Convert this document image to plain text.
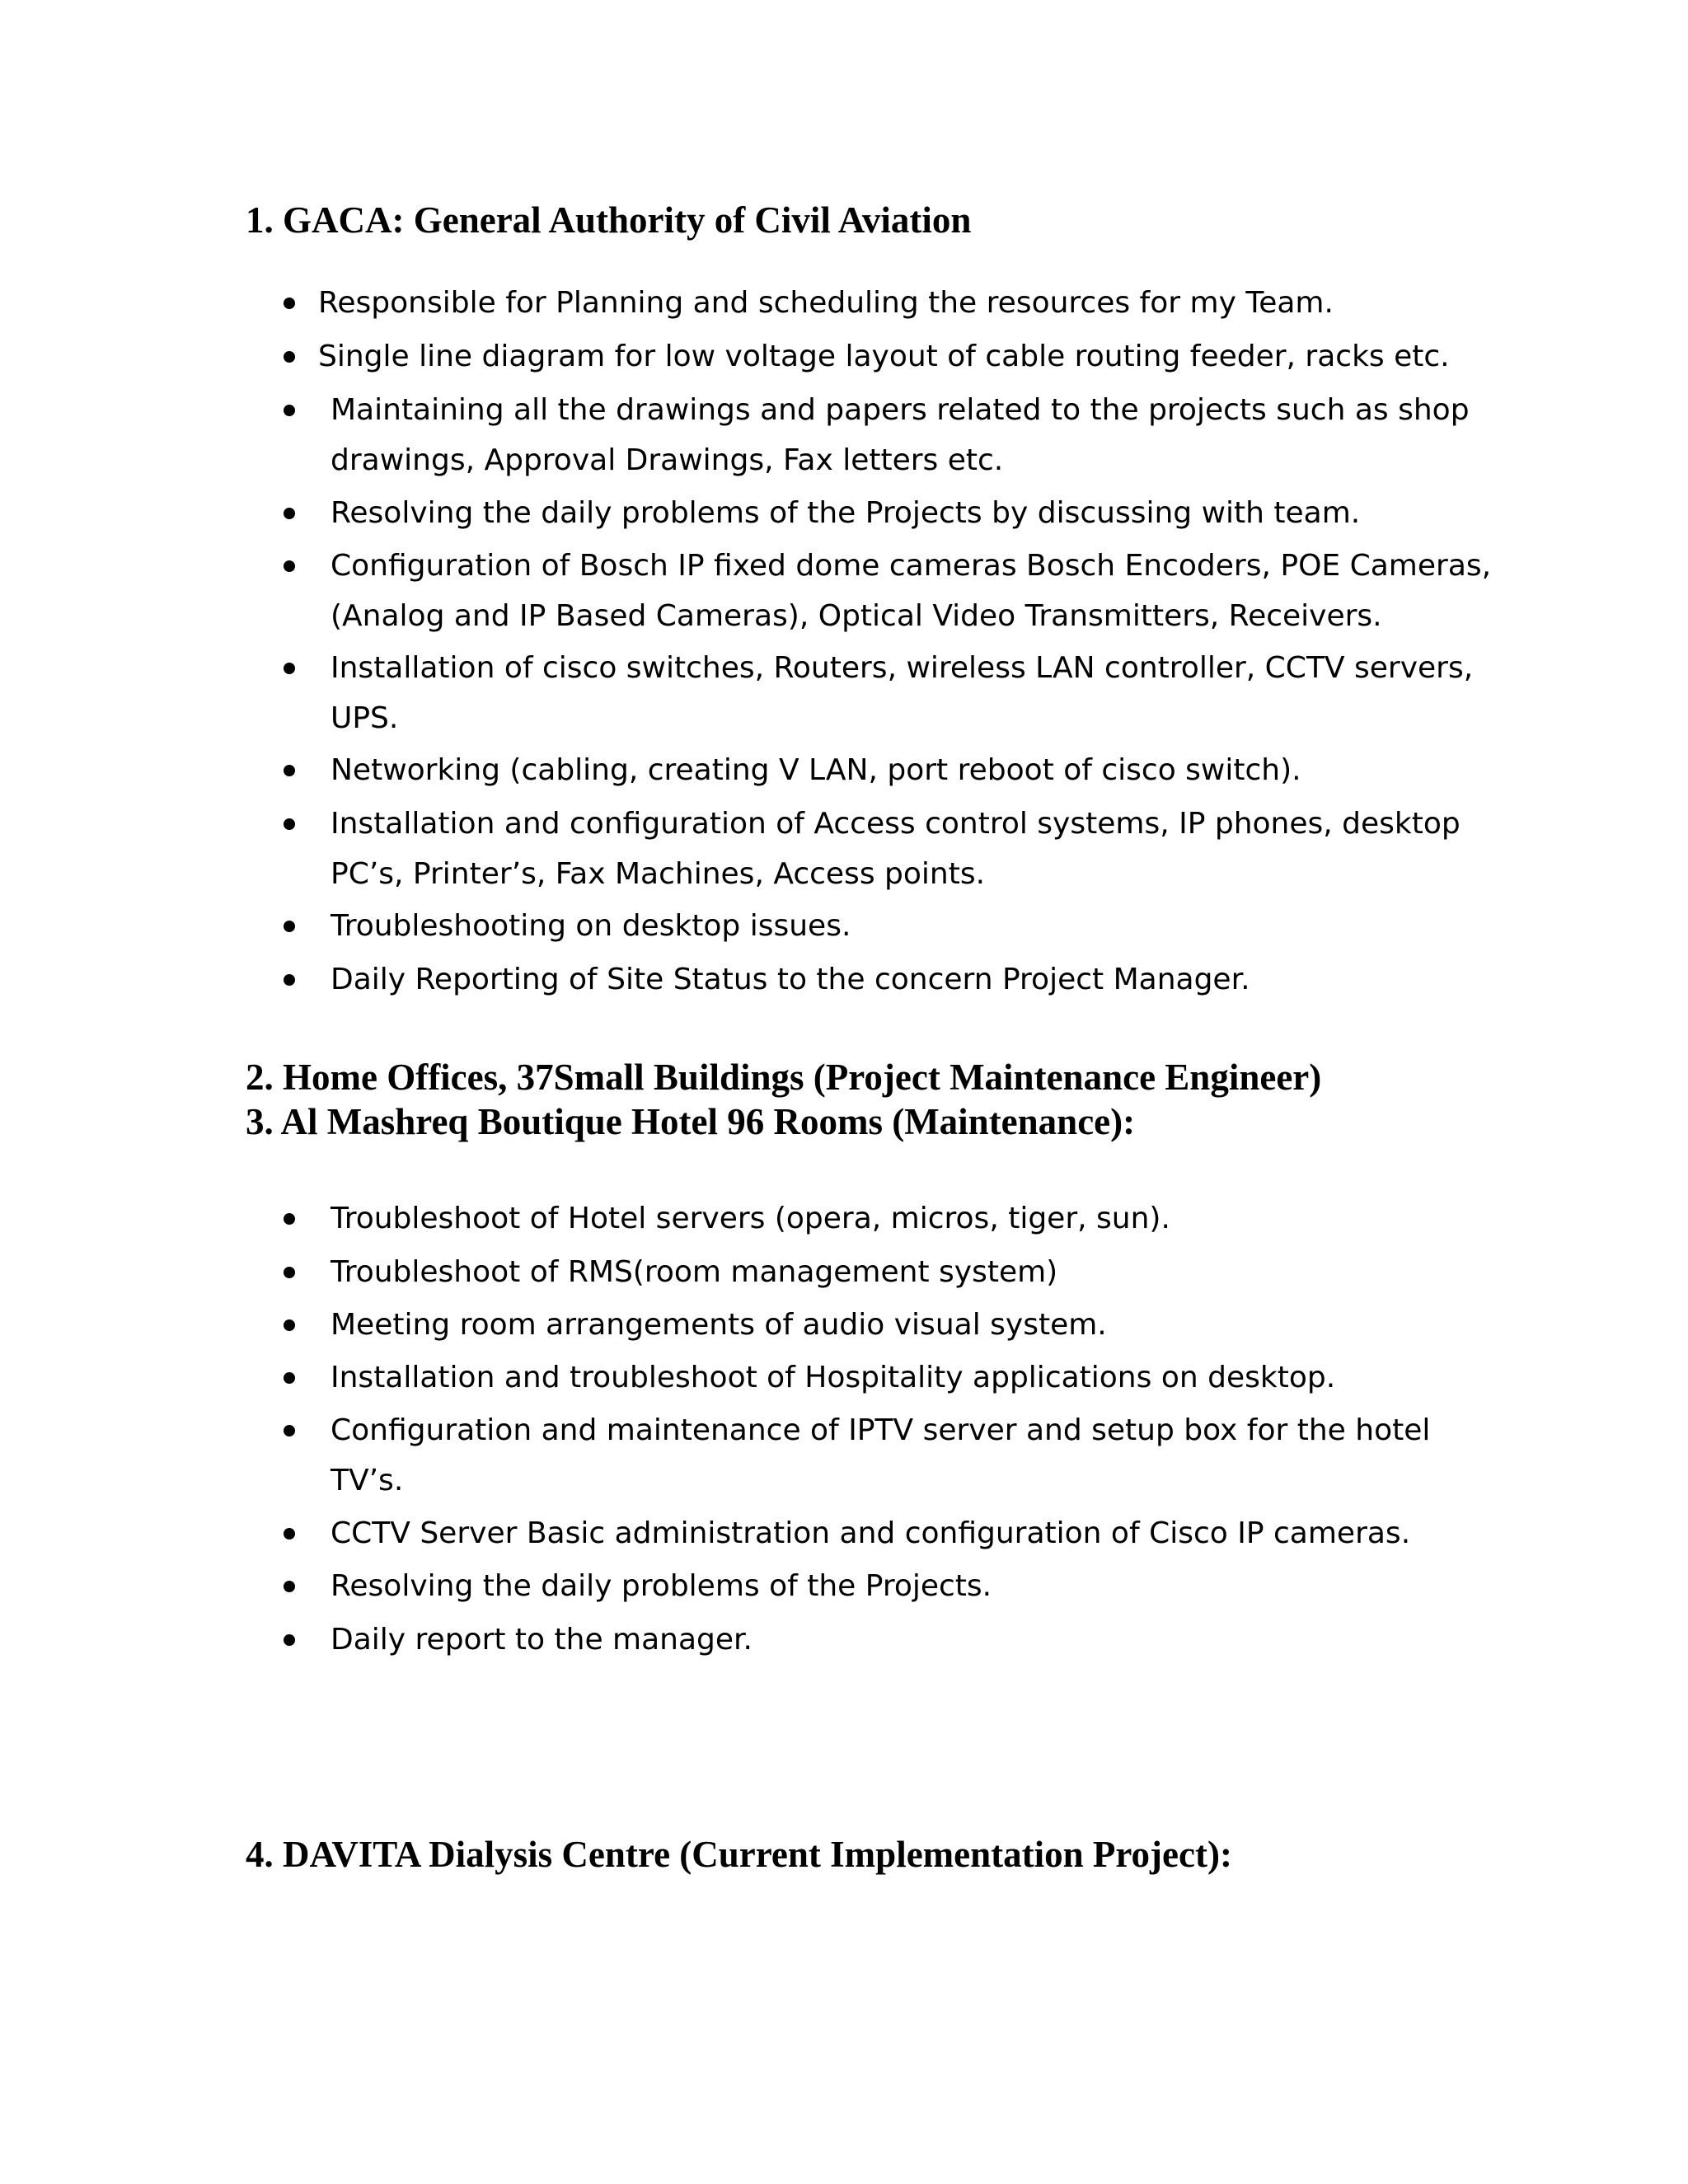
1. GACA: General Authority of Civil Aviation
Responsible for Planning and scheduling the resources for my Team.
Single line diagram for low voltage layout of cable routing feeder, racks etc.
Maintaining all the drawings and papers related to the projects such as shop
drawings, Approval Drawings, Fax letters etc.
Resolving the daily problems of the Projects by discussing with team.
Configuration of Bosch IP fixed dome cameras Bosch Encoders, POE Cameras,
(Analog and IP Based Cameras), Optical Video Transmitters, Receivers.
Installation of cisco switches, Routers, wireless LAN controller, CCTV servers,
UPS.
Networking (cabling, creating V LAN, port reboot of cisco switch).
Installation and configuration of Access control systems, IP phones, desktop
PC’s, Printer’s, Fax Machines, Access points.
Troubleshooting on desktop issues.
Daily Reporting of Site Status to the concern Project Manager.
2. Home Offices, 37Small Buildings (Project Maintenance Engineer)
3. Al Mashreq Boutique Hotel 96 Rooms (Maintenance):
Troubleshoot of Hotel servers (opera, micros, tiger, sun).
Troubleshoot of RMS(room management system)
Meeting room arrangements of audio visual system.
Installation and troubleshoot of Hospitality applications on desktop.
Configuration and maintenance of IPTV server and setup box for the hotel
TV’s.
CCTV Server Basic administration and configuration of Cisco IP cameras.
Resolving the daily problems of the Projects.
Daily report to the manager.
4. DAVITA Dialysis Centre (Current Implementation Project):
